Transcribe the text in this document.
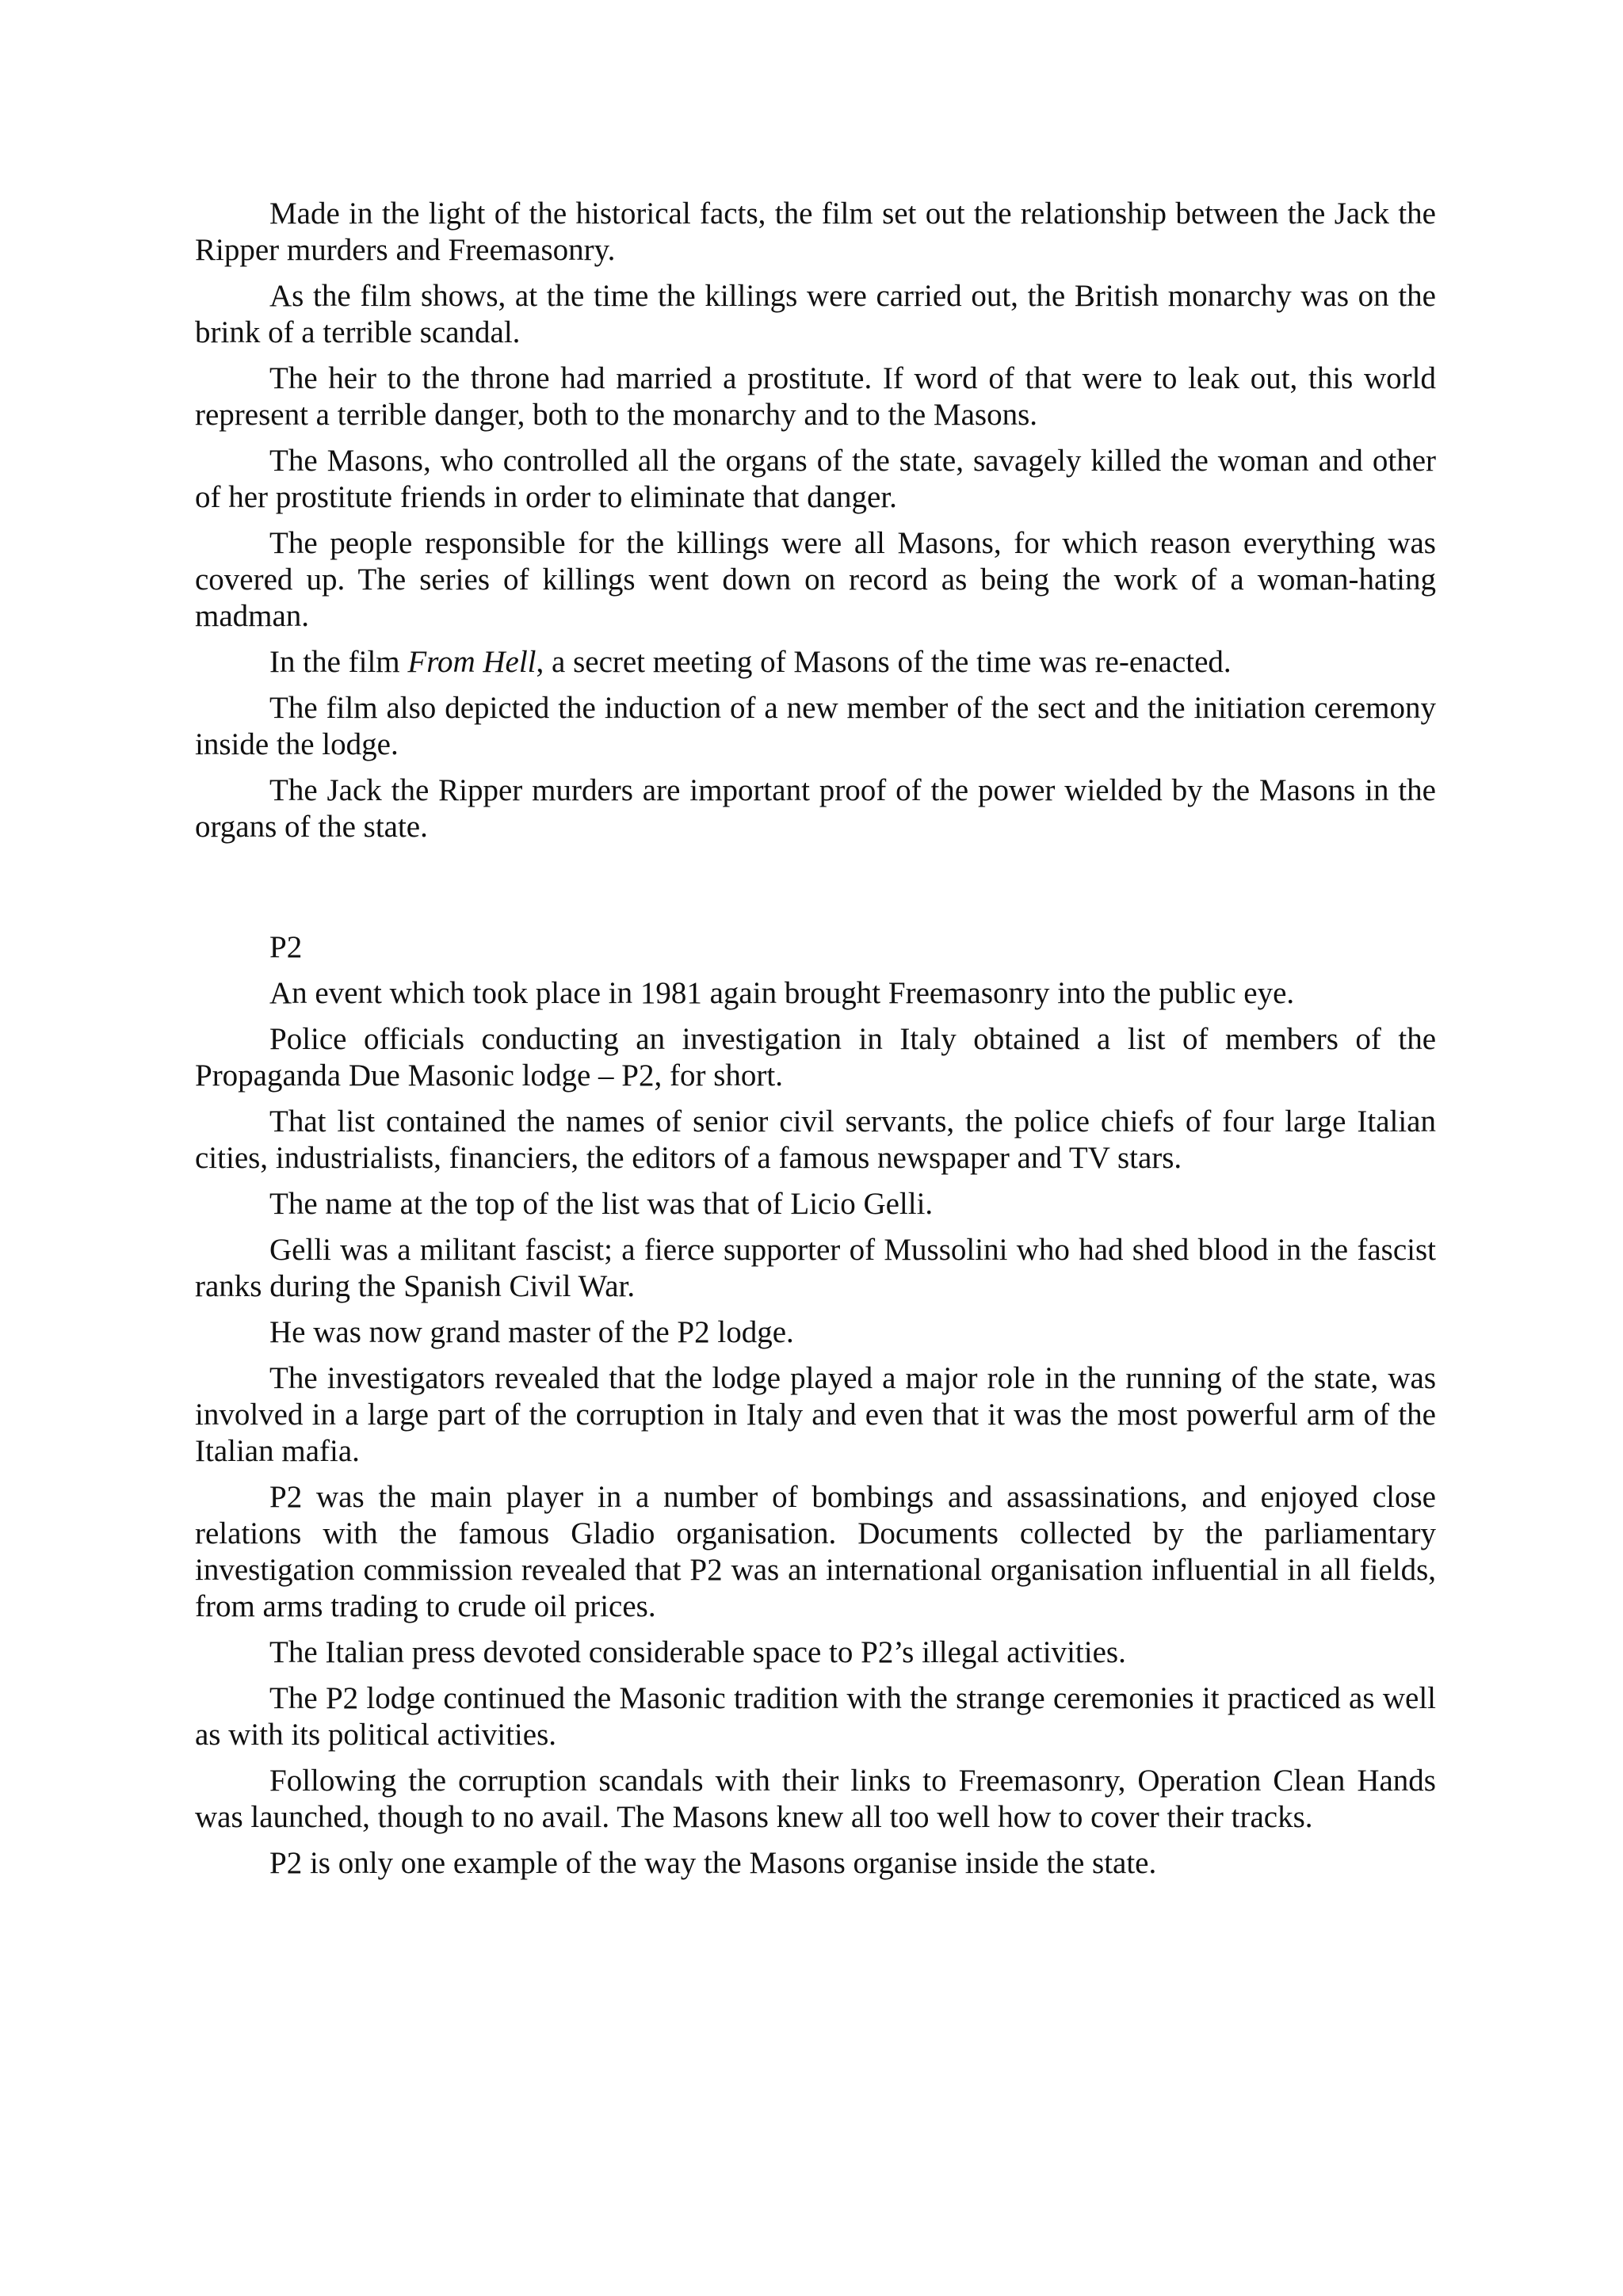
Made in the light of the historical facts, the film set out the relationship between the Jack the Ripper murders and Freemasonry.

As the film shows, at the time the killings were carried out, the British monarchy was on the brink of a terrible scandal.

The heir to the throne had married a prostitute. If word of that were to leak out, this world represent a terrible danger, both to the monarchy and to the Masons.

The Masons, who controlled all the organs of the state, savagely killed the woman and other of her prostitute friends in order to eliminate that danger.

The people responsible for the killings were all Masons, for which reason everything was covered up. The series of killings went down on record as being the work of a woman-hating madman.

In the film From Hell, a secret meeting of Masons of the time was re-enacted.

The film also depicted the induction of a new member of the sect and the initiation ceremony inside the lodge.

The Jack the Ripper murders are important proof of the power wielded by the Masons in the organs of the state.

P2

An event which took place in 1981 again brought Freemasonry into the public eye.

Police officials conducting an investigation in Italy obtained a list of members of the Propaganda Due Masonic lodge – P2, for short.

That list contained the names of senior civil servants, the police chiefs of four large Italian cities, industrialists, financiers, the editors of a famous newspaper and TV stars.

The name at the top of the list was that of Licio Gelli.

Gelli was a militant fascist; a fierce supporter of Mussolini who had shed blood in the fascist ranks during the Spanish Civil War.

He was now grand master of the P2 lodge.

The investigators revealed that the lodge played a major role in the running of the state, was involved in a large part of the corruption in Italy and even that it was the most powerful arm of the Italian mafia.

P2 was the main player in a number of bombings and assassinations, and enjoyed close relations with the famous Gladio organisation. Documents collected by the parliamentary investigation commission revealed that P2 was an international organisation influential in all fields, from arms trading to crude oil prices.

The Italian press devoted considerable space to P2’s illegal activities.

The P2 lodge continued the Masonic tradition with the strange ceremonies it practiced as well as with its political activities.

Following the corruption scandals with their links to Freemasonry, Operation Clean Hands was launched, though to no avail. The Masons knew all too well how to cover their tracks.

P2 is only one example of the way the Masons organise inside the state.
